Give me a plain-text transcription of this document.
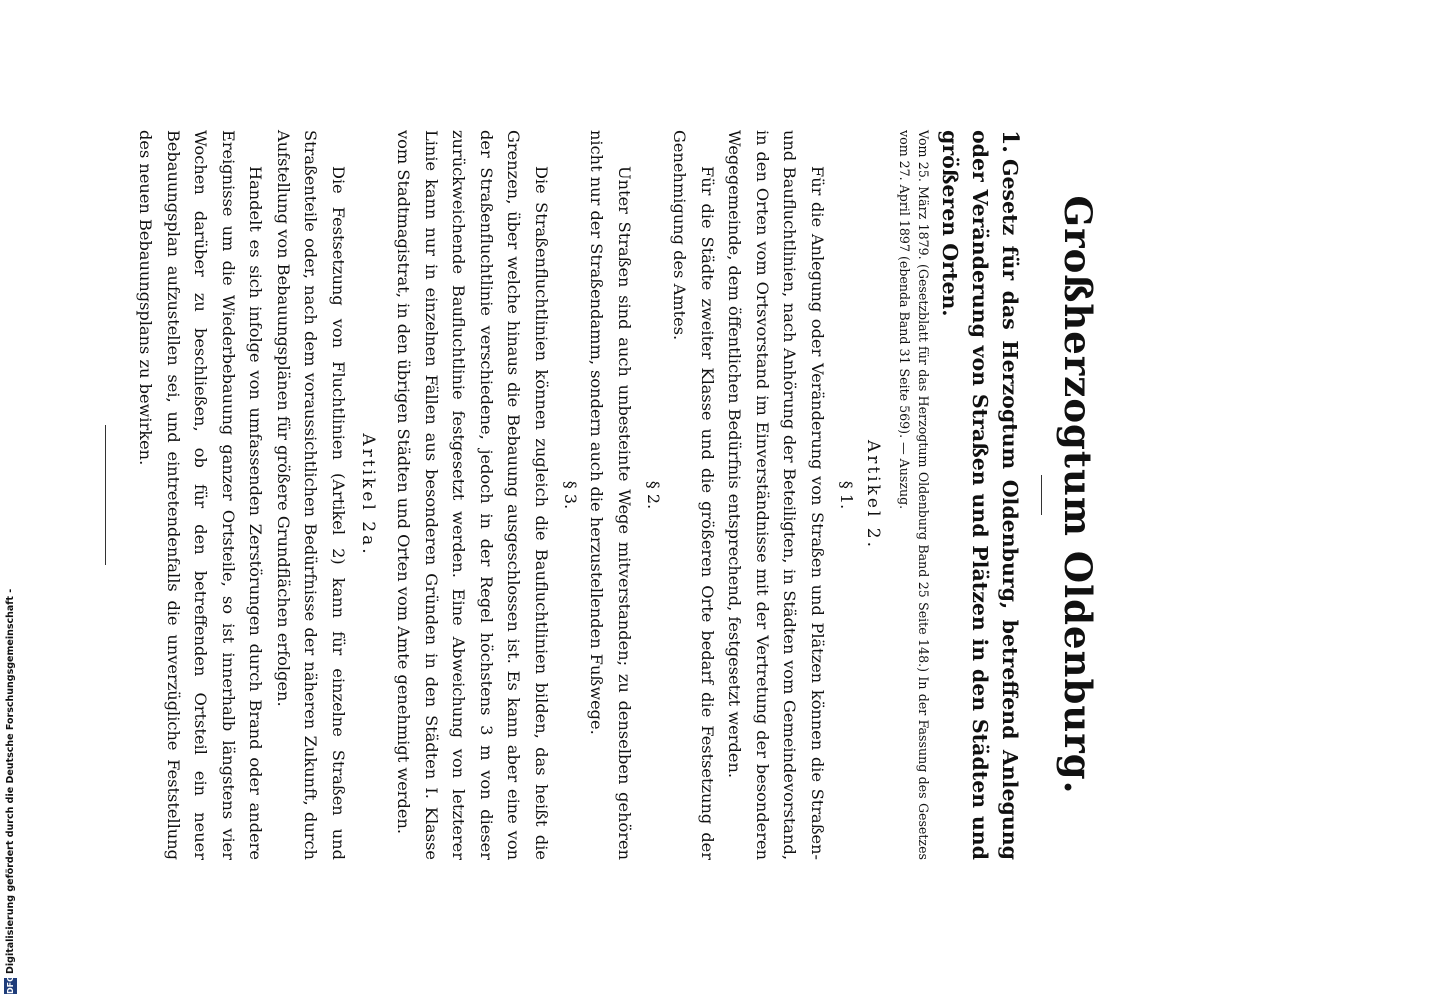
Großherzogtum Oldenburg.

1.Gesetz für das Herzogtum Oldenburg, betreffend Anlegung oder Veränderung von Straßen und Plätzen in den Städten und größeren Orten.

Vom 25. März 1879. (Gesetzblatt für das Herzogtum Oldenburg Band 25 Seite 148.) In der Fassung des Gesetzes vom 27. April 1897 (ebenda Band 31 Seite 569). — Auszug.

Artikel 2.
§ 1.

Für die Anlegung oder Veränderung von Straßen und Plätzen können die Straßen- und Baufluchtlinien, nach Anhörung der Beteiligten, in Städten vom Gemeindevorstand, in den Orten vom Ortsvorstand im Einverständnisse mit der Vertretung der besonderen Wegegemeinde, dem öffentlichen Bedürfnis entsprechend, festgesetzt werden.

Für die Städte zweiter Klasse und die größeren Orte bedarf die Festsetzung der Genehmigung des Amtes.

§ 2.

Unter Straßen sind auch unbesteinte Wege mitverstanden; zu denselben gehören nicht nur der Straßendamm, sondern auch die herzustellenden Fußwege.

§ 3.

Die Straßenfluchtlinien können zugleich die Baufluchtlinien bilden, das heißt die Grenzen, über welche hinaus die Bebauung ausgeschlossen ist. Es kann aber eine von der Straßenfluchtlinie verschiedene, jedoch in der Regel höchstens 3 m von dieser zurückweichende Baufluchtlinie festgesetzt werden. Eine Abweichung von letzterer Linie kann nur in einzelnen Fällen aus besonderen Gründen in den Städten I. Klasse vom Stadtmagistrat, in den übrigen Städten und Orten vom Amte genehmigt werden.

Artikel 2a.

Die Festsetzung von Fluchtlinien (Artikel 2) kann für einzelne Straßen und Straßenteile oder, nach dem voraussichtlichen Bedürfnisse der näheren Zukunft, durch Aufstellung von Bebauungsplänen für größere Grundflächen erfolgen.

Handelt es sich infolge von umfassenden Zerstörungen durch Brand oder andere Ereignisse um die Wiederbebauung ganzer Ortsteile, so ist innerhalb längstens vier Wochen darüber zu beschließen, ob für den betreffenden Ortsteil ein neuer Bebauungsplan aufzustellen sei, und eintretendenfalls die unverzügliche Feststellung des neuen Bebauungsplans zu bewirken.

DFG
Digitalisierung gefördert durch die Deutsche Forschungsgemeinschaft -
